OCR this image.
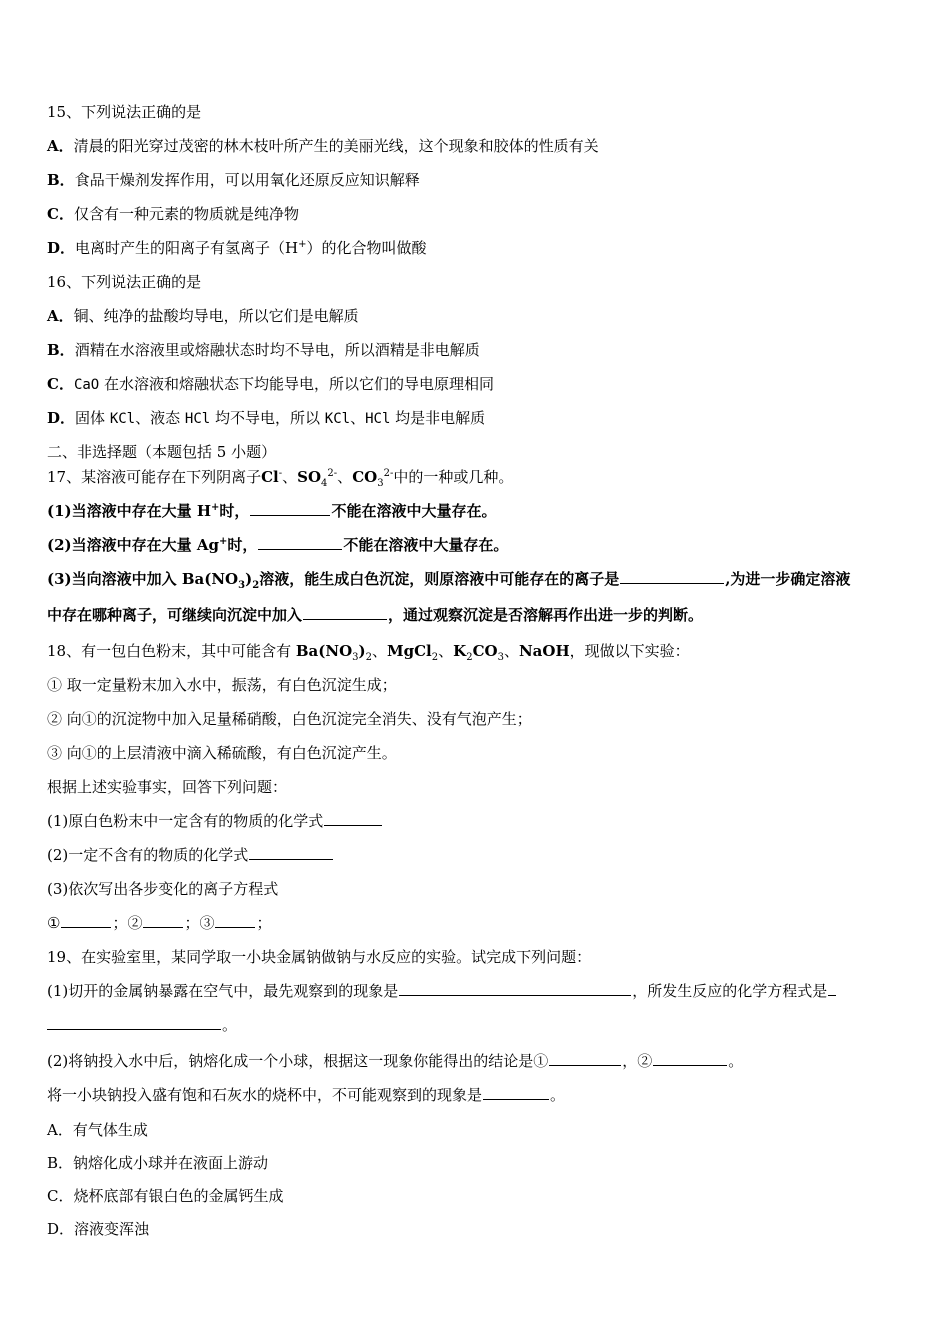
15、下列说法正确的是
A．清晨的阳光穿过茂密的林木枝叶所产生的美丽光线，这个现象和胶体的性质有关
B．食品干燥剂发挥作用，可以用氧化还原反应知识解释
C．仅含有一种元素的物质就是纯净物
D．电离时产生的阳离子有氢离子（H+）的化合物叫做酸
16、下列说法正确的是
A．铜、纯净的盐酸均导电，所以它们是电解质
B．酒精在水溶液里或熔融状态时均不导电，所以酒精是非电解质
C．CaO 在水溶液和熔融状态下均能导电，所以它们的导电原理相同
D．固体 KCl、液态 HCl 均不导电，所以 KCl、HCl 均是非电解质
二、非选择题（本题包括 5 小题）
17、某溶液可能存在下列阴离子Cl-、$SO_4^{2-}$、$CO_3^{2-}$中的一种或几种。
(1)当溶液中存在大量 H+时，	不能在溶液中大量存在。
(2)当溶液中存在大量 Ag+时，	不能在溶液中大量存在。
(3)当向溶液中加入 $Ba(NO_3)_2$溶液，能生成白色沉淀，则原溶液中可能存在的离子是	,为进一步确定溶液
中存在哪种离子，可继续向沉淀中加入	，通过观察沉淀是否溶解再作出进一步的判断。
18、有一包白色粉末，其中可能含有 $Ba(NO_3)_2$、MgCl$_2$、$K_2CO_3$、NaOH，现做以下实验：
① 取一定量粉末加入水中，振荡，有白色沉淀生成；
② 向①的沉淀物中加入足量稀硝酸，白色沉淀完全消失、没有气泡产生；
③ 向①的上层清液中滴入稀硫酸，有白色沉淀产生。
根据上述实验事实，回答下列问题：
(1)原白色粉末中一定含有的物质的化学式
(2)一定不含有的物质的化学式
(3)依次写出各步变化的离子方程式
①	；②	；③	；
19、在实验室里，某同学取一小块金属钠做钠与水反应的实验。试完成下列问题：
(1)切开的金属钠暴露在空气中，最先观察到的现象是	，所发生反应的化学方程式是
。
(2)将钠投入水中后，钠熔化成一个小球，根据这一现象你能得出的结论是①	，②	。
将一小块钠投入盛有饱和石灰水的烧杯中，不可能观察到的现象是	。
A．有气体生成
B．钠熔化成小球并在液面上游动
C．烧杯底部有银白色的金属钙生成
D．溶液变浑浊
